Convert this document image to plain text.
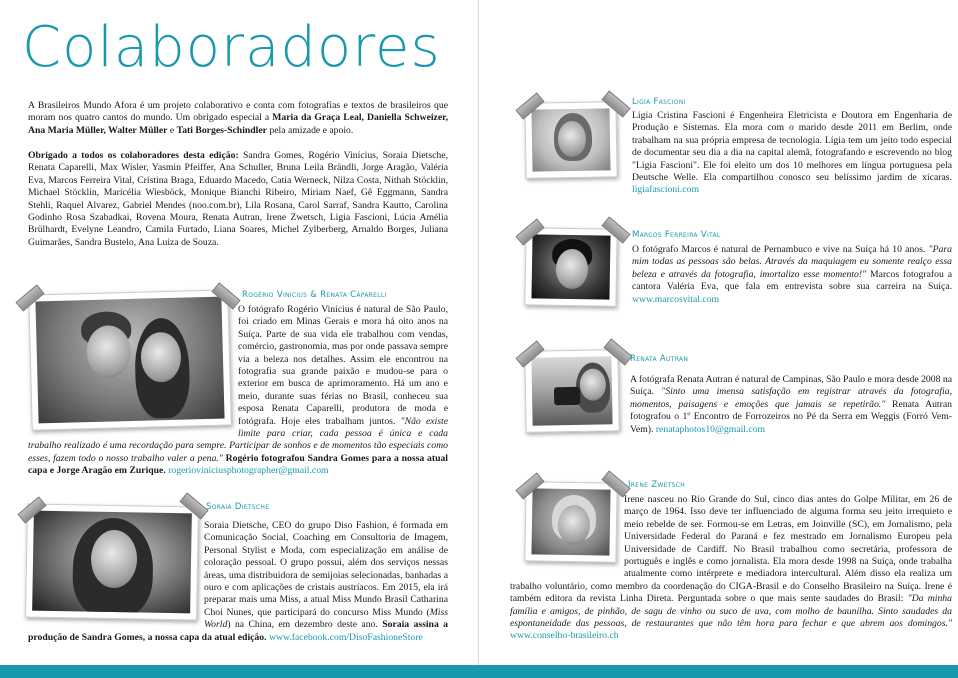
Colaboradores

A Brasileiros Mundo Afora é um projeto colaborativo e conta com fotografias e textos de brasileiros que moram nos quatro cantos do mundo. Um obrigado especial a Maria da Graça Leal, Daniella Schweizer, Ana Maria Müller, Walter Müller e Tati Borges-Schindler pela amizade e apoio.

Obrigado a todos os colaboradores desta edição: Sandra Gomes, Rogério Vinícius, Soraia Dietsche, Renata Caparelli, Max Wisler, Yasmin Pfeiffer, Ana Schuller, Bruna Leila Brändli, Jorge Aragão, Valéria Eva, Marcos Ferreira Vital, Cristina Braga, Eduardo Macedo, Catia Werneck, Nilza Costa, Nithah Stöcklin, Michael Stöcklin, Maricélia Wiesböck, Monique Bianchi Ribeiro, Miriam Naef, Gê Eggmann, Sandra Stehli, Raquel Alvarez, Gabriel Mendes (noo.com.br), Lila Rosana, Carol Sarraf, Sandra Kautto, Carolina Godinho Rosa Szabadkai, Rovena Moura, Renata Autran, Irene Zwetsch, Ligia Fascioni, Lúcia Amélia Brülhardt, Evelyne Leandro, Camila Furtado, Liana Soares, Michel Zylberberg, Arnaldo Borges, Juliana Guimarães, Sandra Bustelo, Ana Luiza de Souza.

Rogério Vinícius & Renata Caparelli

O fotógrafo Rogério Vinícius é natural de São Paulo, foi criado em Minas Gerais e mora há oito anos na Suíça. Parte de sua vida ele trabalhou com vendas, comércio, gastronomia, mas por onde passava sempre via a beleza nos detalhes. Assim ele encontrou na fotografia sua grande paixão e mudou-se para o exterior em busca de aprimoramento. Há um ano e meio, durante suas férias no Brasil, conheceu sua esposa Renata Caparelli, produtora de moda e fotógrafa. Hoje eles trabalham juntos. "Não existe limite para criar, cada pessoa é única e cada trabalho realizado é uma recordação para sempre. Participar de sonhos e de momentos tão especiais como esses, fazem todo o nosso trabalho valer a pena." Rogério fotografou Sandra Gomes para a nossa atual capa e Jorge Aragão em Zurique. rogerioviniciusphotographer@gmail.com

Soraia Dietsche

Soraia Dietsche, CEO do grupo Diso Fashion, é formada em Comunicação Social, Coaching em Consultoria de Imagem, Personal Stylist e Moda, com especialização em análise de coloração pessoal. O grupo possui, além dos serviços nessas áreas, uma distribuidora de semijoias selecionadas, banhadas a ouro e com aplicações de cristais austríacos. Em 2015, ela irá preparar mais uma Miss, a atual Miss Mundo Brasil Catharina Choi Nunes, que participará do concurso Miss Mundo (Miss World) na China, em dezembro deste ano. Soraia assina a produção de Sandra Gomes, a nossa capa da atual edição. www.facebook.com/DisoFashioneStore

Ligia Fascioni

Lígia Cristina Fascioni é Engenheira Eletricista e Doutora em Engenharia de Produção e Sistemas. Ela mora com o marido desde 2011 em Berlim, onde trabalham na sua própria empresa de tecnologia. Lígia tem um jeito todo especial de documentar seu dia a dia na capital alemã, fotografando e escrevendo no blog "Ligia Fascioni". Ele foi eleito um dos 10 melhores em língua portuguesa pela Deutsche Welle. Ela compartilhou conosco seu belíssimo jardim de xícaras. ligiafascioni.com

Marcos Ferreira Vital

O fotógrafo Marcos é natural de Pernambuco e vive na Suíça há 10 anos. "Para mim todas as pessoas são belas. Através da maquiagem eu somente realço essa beleza e através da fotografia, imortalizo esse momento!" Marcos fotografou a cantora Valéria Eva, que fala em entrevista sobre sua carreira na Suíça. www.marcosvital.com

Renata Autran

A fotógrafa Renata Autran é natural de Campinas, São Paulo e mora desde 2008 na Suíça. "Sinto uma imensa satisfação em registrar através da fotografia, momentos, paisagens e emoções que jamais se repetirão." Renata Autran fotografou o 1º Encontro de Forrozeiros no Pé da Serra em Weggis (Forró Vem-Vem). renataphotos10@gmail.com

Irene Zwetsch

Irene nasceu no Rio Grande do Sul, cinco dias antes do Golpe Militar, em 26 de março de 1964. Isso deve ter influenciado de alguma forma seu jeito irrequieto e meio rebelde de ser. Formou-se em Letras, em Joinville (SC), em Jornalismo, pela Universidade Federal do Paraná e fez mestrado em Jornalismo Europeu pela Universidade de Cardiff. No Brasil trabalhou como secretária, professora de português e inglês e como jornalista. Ela mora desde 1998 na Suíça, onde trabalha atualmente como intérprete e mediadora intercultural. Além disso ela realiza um trabalho voluntário, como membro da coordenação do CIGA-Brasil e do Conselho Brasileiro na Suíça. Irene é também editora da revista Linha Direta. Perguntada sobre o que mais sente saudades do Brasil: "Da minha família e amigos, de pinhão, de sagu de vinho ou suco de uva, com molho de baunilha. Sinto saudades da espontaneidade das pessoas, de restaurantes que não têm hora para fechar e que abrem aos domingos." www.conselho-brasileiro.ch
